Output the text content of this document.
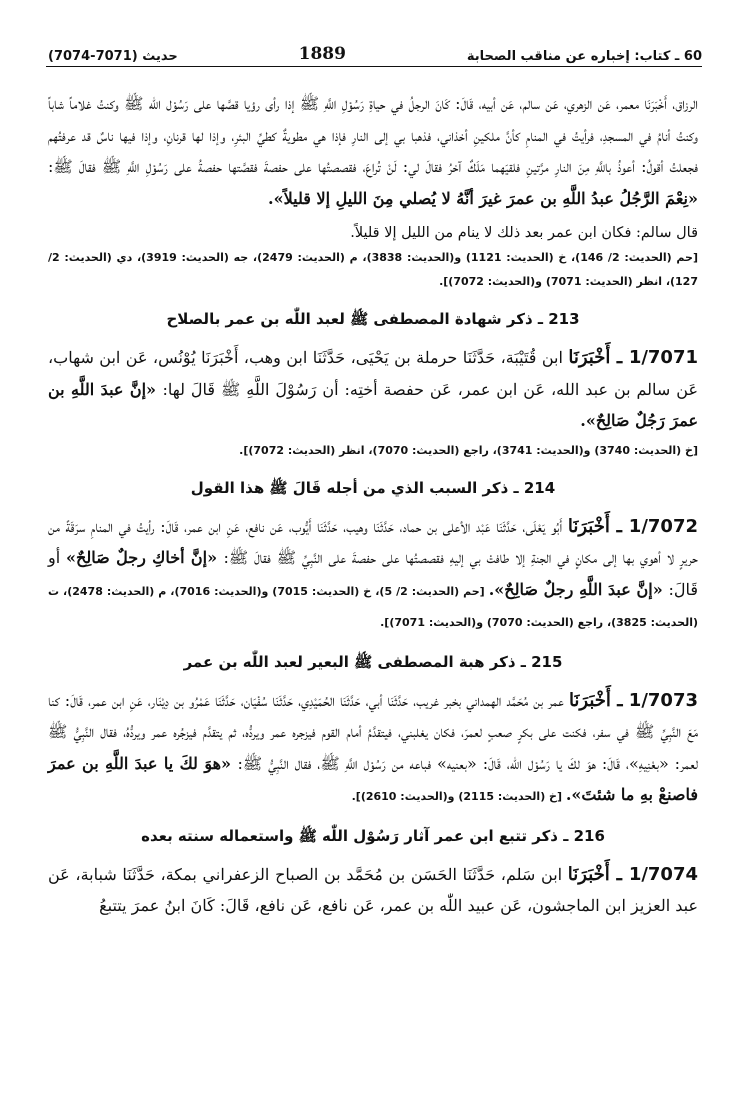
60 ـ كتاب: إخباره عن مناقب الصحابة
1889
حديث (7071-7074)

الرزاق، أَخْبَرَنَا معمر، عَن الزهري، عَن سالم، عَن أبيه، قَالَ: كَانَ الرجلُ في حياةِ رَسُوْلِ اللَّهِ ﷺ إذا رأى رؤيا قصَّها على رَسُوْل اللّٰه ﷺ وكنتُ غلاماً شاباً وكنتُ أنامُ في المسجدِ، فرأيتُ في المنامِ كأنَّ ملكينِ أخذاني، فذهبا بي إلى النارِ فإذا هي مطويةٌ كطيِّ البئرِ، وإذا لها قرنانِ، وإذا فيها ناسٌ قد عرفتُهم فجعلتُ أقولُ: أعوذُ باللَّهِ مِنَ النارِ مرَّتينِ فلقيَهما مَلَكٌ آخرُ فقالَ لي: لَنْ تُراعَ، فقصصتُها على حفصةَ فقصَّتها حفصةُ على رَسُوْلِ اللَّهِ ﷺ فقالَ ﷺ: «نِعْمَ الرَّجُلُ عبدُ اللَّهِ بن عمرَ غيرَ أنَّهُ لا يُصلي مِنَ الليلِ إلا قليلاً».

قال سالم: فكان ابن عمر بعد ذلك لا ينام من الليل إلا قليلاً.

[حم (الحديث: 2/ 146)، خ (الحديث: 1121) و(الحديث: 3838)، م (الحديث: 2479)، جه (الحديث: 3919)، دي (الحديث: 2/ 127)، انظر (الحديث: 7071) و(الحديث: 7072)].

213 ـ ذكر شهادة المصطفى ﷺ لعبد اللّٰه بن عمر بالصلاح

1/7071 ـ أَخْبَرَنَا ابن قُتَيْبَة، حَدَّثَنَا حرملة بن يَحْيَى، حَدَّثَنَا ابن وهب، أَخْبَرَنَا يُوْنُس، عَن ابن شهاب، عَن سالم بن عبد الله، عَن ابن عمر، عَن حفصة أختِه: أن رَسُوْلَ اللَّهِ ﷺ قَالَ لها: «إنَّ عبدَ اللَّهِ بن عمرَ رَجُلٌ صَالِحٌ».

[خ (الحديث: 3740) و(الحديث: 3741)، راجع (الحديث: 7070)، انظر (الحديث: 7072)].

214 ـ ذكر السبب الذي من أجله قَالَ ﷺ هذا القول

1/7072 ـ أَخْبَرَنَا أَبُو يَعْلَى، حَدَّثَنَا عَبْد الأعلى بن حماد، حَدَّثَنَا وهيب، حَدَّثَنَا أَيُّوب، عَن نافع، عَنِ ابن عمر، قَالَ: رأيتُ في المنامِ سرَقَةً من حريرٍ لا أهوي بها إلى مكانٍ في الجنةِ إلا طافتْ بي إليهِ فقصصتُها على حفصةَ على النَّبِيِّ ﷺ فقالَ ﷺ: «إنَّ أخاكِ رجلٌ صَالِحٌ» أو قَالَ: «إنَّ عبدَ اللَّهِ رجلٌ صَالِحٌ». [حم (الحديث: 2/ 5)، خ (الحديث: 7015) و(الحديث: 7016)، م (الحديث: 2478)، ت (الحديث: 3825)، راجع (الحديث: 7070) و(الحديث: 7071)].

215 ـ ذكر هبة المصطفى ﷺ البعير لعبد اللّٰه بن عمر

1/7073 ـ أَخْبَرَنَا عمر بن مُحَمَّد الهمداني بخبر غريب، حَدَّثَنَا أبي، حَدَّثَنَا الحُمَيْدِي، حَدَّثَنَا سُفْيَان، حَدَّثَنَا عَمْرُو بن دِيْنَار، عَنِ ابن عمر، قَالَ: كنا مَعَ النَّبِيِّ ﷺ في سفر، فكنت على بكرٍ صعبٍ لعمرَ، فكان يغلبني، فيتقدَّمُ أمام القوم فيزجره عمر ويردُّه، ثم يتقدَّم فيزجُره عمر ويردُّهُ، فقال النَّبِيُّ ﷺ لعمر: «بعْنِيهِ»، قَالَ: هوَ لكَ يا رَسُوْل اللّٰه، قَالَ: «بعنيه» فباعه من رَسُوْل اللَّهِ ﷺ، فقال النَّبِيُّ ﷺ: «هوَ لكَ يا عبدَ اللَّهِ بن عمرَ فاصنعْ بهِ ما شئتَ». [خ (الحديث: 2115) و(الحديث: 2610)].

216 ـ ذكر تتبع ابن عمر آثار رَسُوْل اللّٰه ﷺ واستعماله سنته بعده

1/7074 ـ أَخْبَرَنَا ابن سَلم، حَدَّثَنَا الحَسَن بن مُحَمَّد بن الصباح الزعفراني بمكة، حَدَّثَنَا شبابة، عَن عبد العزيز ابن الماجشون، عَن عبيد اللّٰه بن عمر، عَن نافع، عَن نافع، قَالَ: كَانَ ابنُ عمرَ يتتبعُ
